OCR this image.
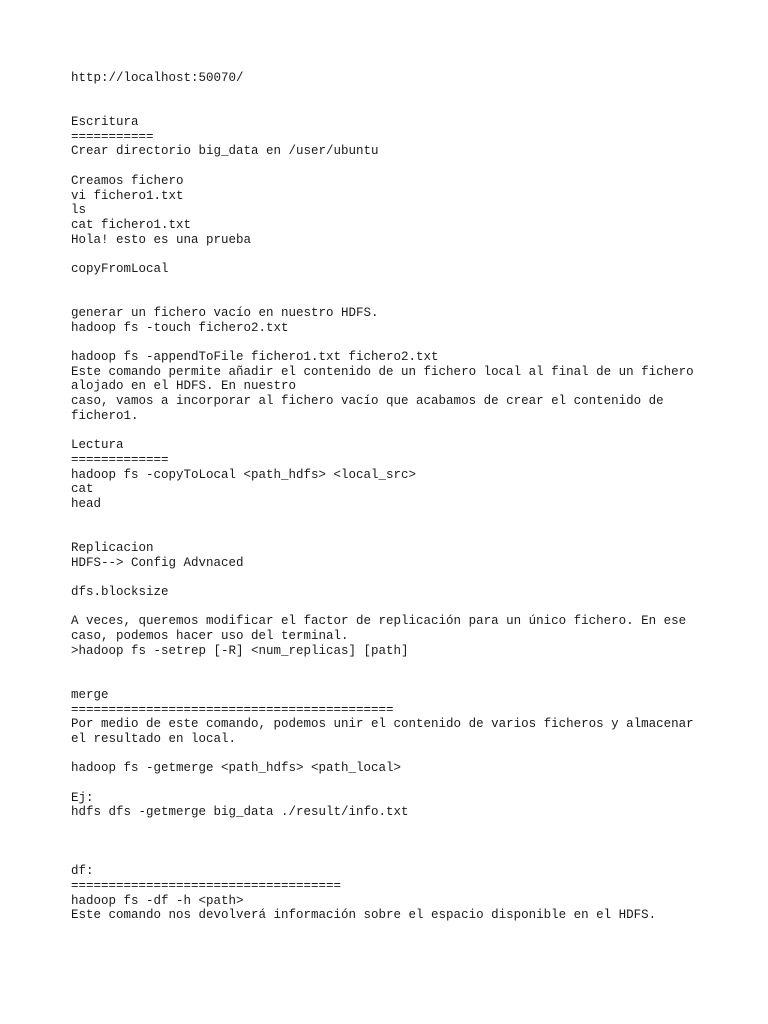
http://localhost:50070/
Escritura
===========
Crear directorio big_data en /user/ubuntu
Creamos fichero
vi fichero1.txt
ls
cat fichero1.txt
Hola! esto es una prueba
copyFromLocal
generar un fichero vacío en nuestro HDFS.
hadoop fs -touch fichero2.txt
hadoop fs -appendToFile fichero1.txt fichero2.txt
Este comando permite añadir el contenido de un fichero local al final de un fichero
alojado en el HDFS. En nuestro
caso, vamos a incorporar al fichero vacío que acabamos de crear el contenido de
fichero1.
Lectura
=============
hadoop fs -copyToLocal <path_hdfs> <local_src>
cat
head
Replicacion
HDFS--> Config Advnaced
dfs.blocksize
A veces, queremos modificar el factor de replicación para un único fichero. En ese
caso, podemos hacer uso del terminal.
>hadoop fs -setrep [-R] <num_replicas] [path]
merge
===========================================
Por medio de este comando, podemos unir el contenido de varios ficheros y almacenar
el resultado en local.
hadoop fs -getmerge <path_hdfs> <path_local>
Ej:
hdfs dfs -getmerge big_data ./result/info.txt
df:
====================================
hadoop fs -df -h <path>
Este comando nos devolverá información sobre el espacio disponible en el HDFS.
